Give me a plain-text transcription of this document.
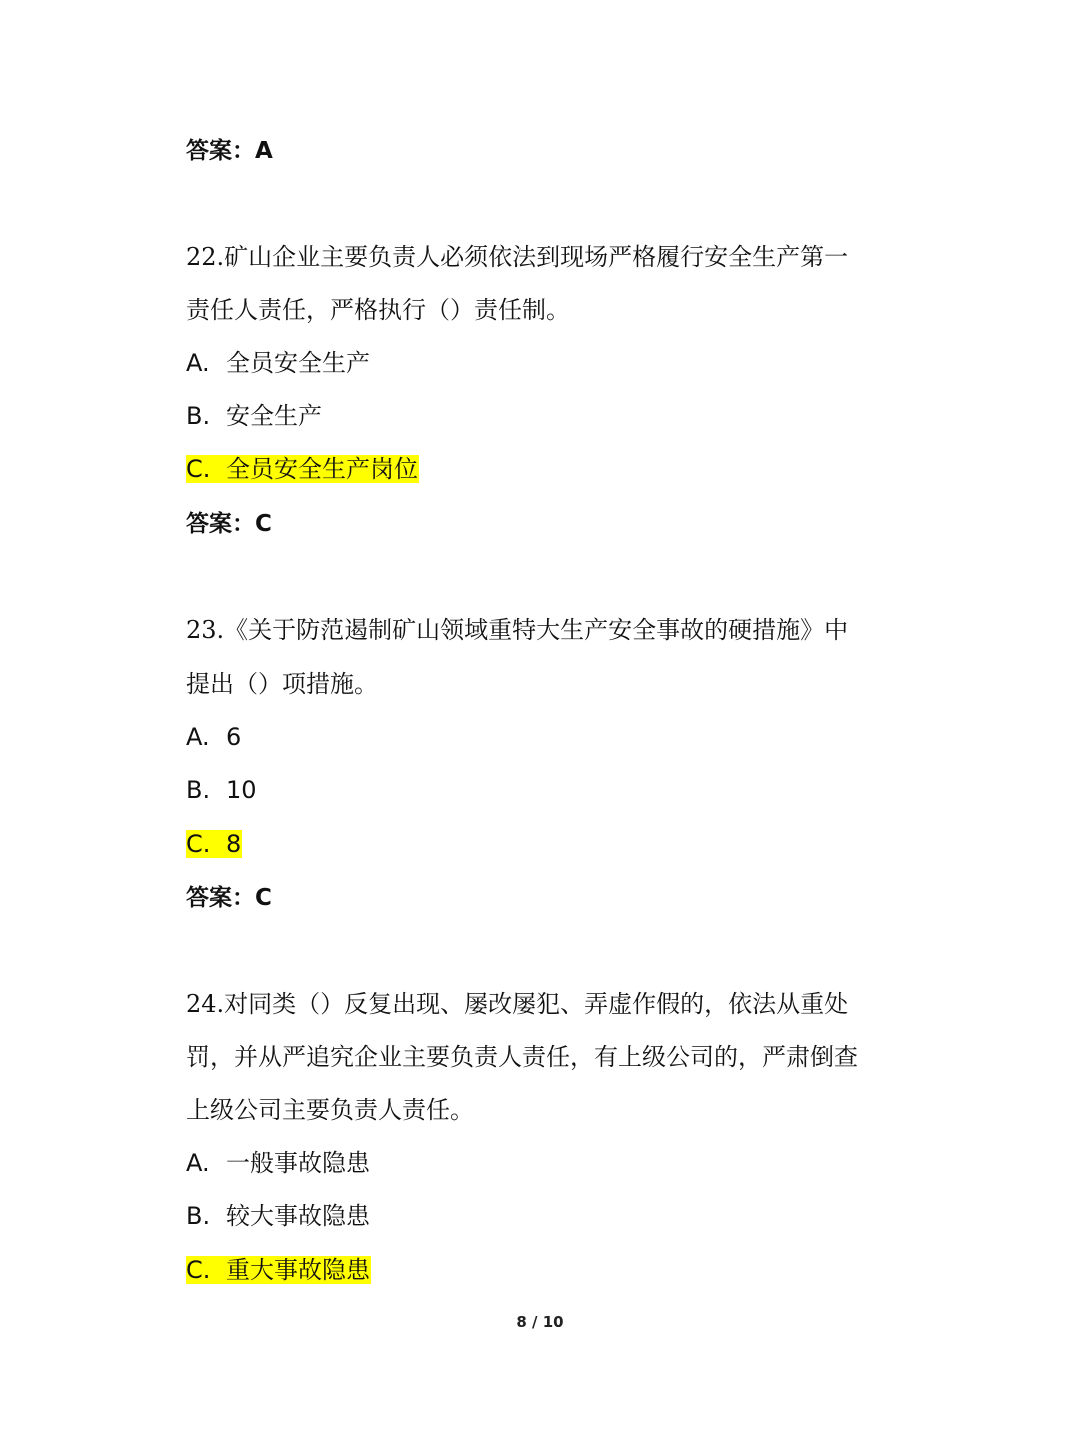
答案：A
22.矿山企业主要负责人必须依法到现场严格履行安全生产第一
责任人责任，严格执行（）责任制。
A. 全员安全生产
B. 安全生产
C. 全员安全生产岗位
答案：C
23.《关于防范遏制矿山领域重特大生产安全事故的硬措施》中
提出（）项措施。
A. 6
B. 10
C. 8
答案：C
24.对同类（）反复出现、屡改屡犯、弄虚作假的，依法从重处
罚，并从严追究企业主要负责人责任，有上级公司的，严肃倒查
上级公司主要负责人责任。
A. 一般事故隐患
B. 较大事故隐患
C. 重大事故隐患
8 / 10
